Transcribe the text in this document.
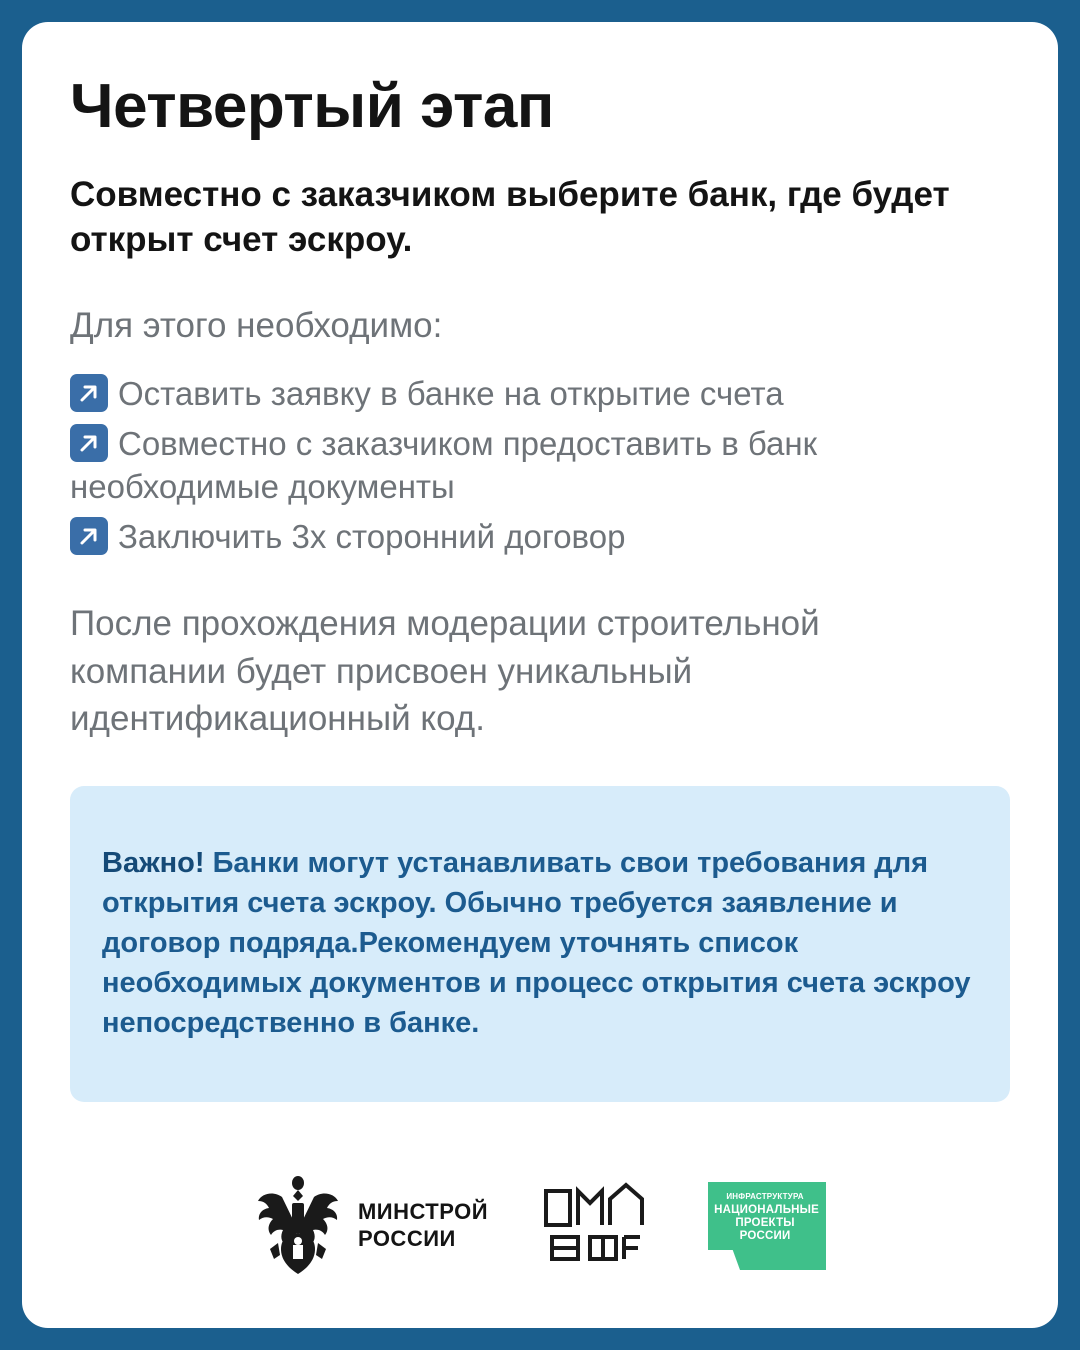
Четвертый этап

Совместно с заказчиком выберите банк, где будет открыт счет эскроу.

Для этого необходимо:

Оставить заявку в банке на открытие счета
Совместно с заказчиком предоставить в банк необходимые документы
Заключить 3х сторонний договор

После прохождения модерации строительной компании будет присвоен уникальный идентификационный код.

Важно! Банки могут устанавливать свои требования для открытия счета эскроу. Обычно требуется заявление и договор подряда.Рекомендуем уточнять список необходимых документов и процесс открытия счета эскроу непосредственно в банке.

МИНСТРОЙ
РОССИИ
ИНФРАСТРУКТУРА
НАЦИОНАЛЬНЫЕ ПРОЕКТЫ РОССИИ
